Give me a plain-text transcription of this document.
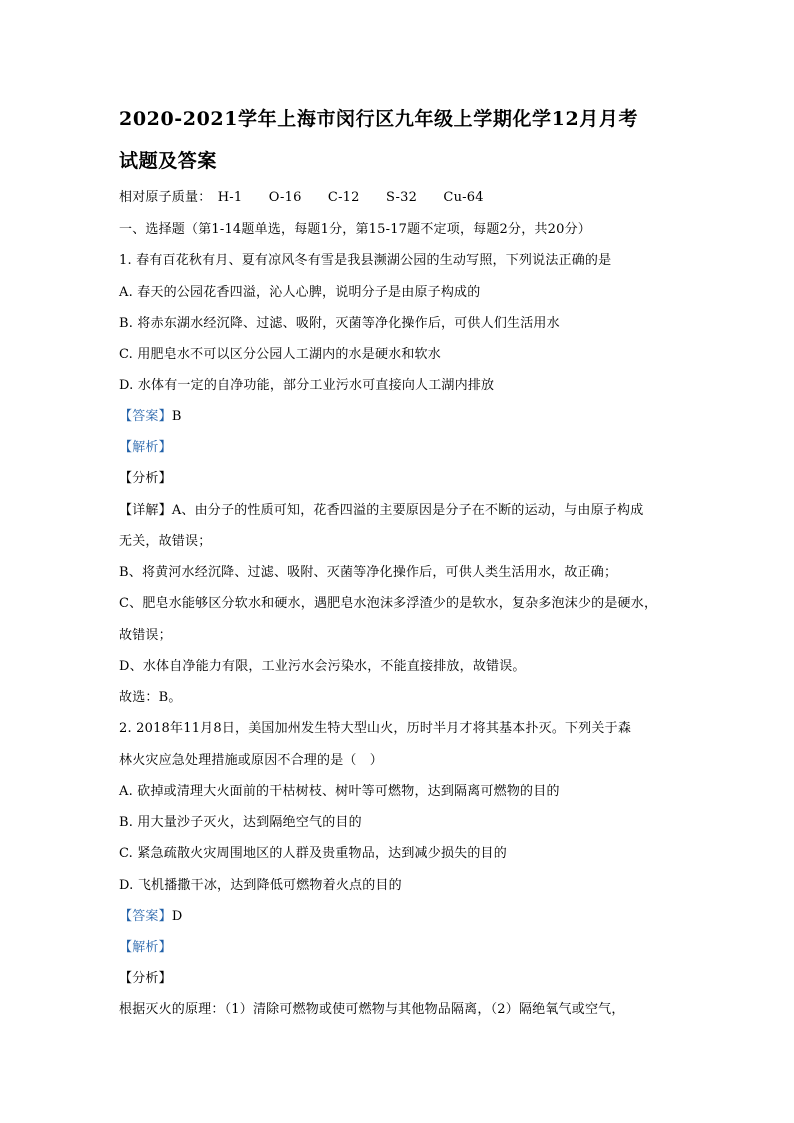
2020-2021学年上海市闵行区九年级上学期化学12月月考
试题及答案
相对原子质量： H-1 O-16 C-12 S-32 Cu-64
一、选择题（第1-14题单选，每题1分，第15-17题不定项，每题2分，共20分）
1. 春有百花秋有月、夏有凉风冬有雪是我县濒湖公园的生动写照，下列说法正确的是
A. 春天的公园花香四溢，沁人心脾，说明分子是由原子构成的
B. 将赤东湖水经沉降、过滤、吸附，灭菌等净化操作后，可供人们生活用水
C. 用肥皂水不可以区分公园人工湖内的水是硬水和软水
D. 水体有一定的自净功能，部分工业污水可直接向人工湖内排放
【答案】B
【解析】
【分析】
【详解】A、由分子的性质可知，花香四溢的主要原因是分子在不断的运动，与由原子构成
无关，故错误；
B、将黄河水经沉降、过滤、吸附、灭菌等净化操作后，可供人类生活用水，故正确；
C、肥皂水能够区分软水和硬水，遇肥皂水泡沫多浮渣少的是软水，复杂多泡沫少的是硬水，
故错误；
D、水体自净能力有限，工业污水会污染水，不能直接排放，故错误。
故选：B。
2. 2018年11月8日，美国加州发生特大型山火，历时半月才将其基本扑灭。下列关于森
林火灾应急处理措施或原因不合理的是（　）
A. 砍掉或清理大火面前的干枯树枝、树叶等可燃物，达到隔离可燃物的目的
B. 用大量沙子灭火，达到隔绝空气的目的
C. 紧急疏散火灾周围地区的人群及贵重物品，达到减少损失的目的
D. 飞机播撒干冰，达到降低可燃物着火点的目的
【答案】D
【解析】
【分析】
根据灭火的原理：（1）清除可燃物或使可燃物与其他物品隔离，（2）隔绝氧气或空气，
